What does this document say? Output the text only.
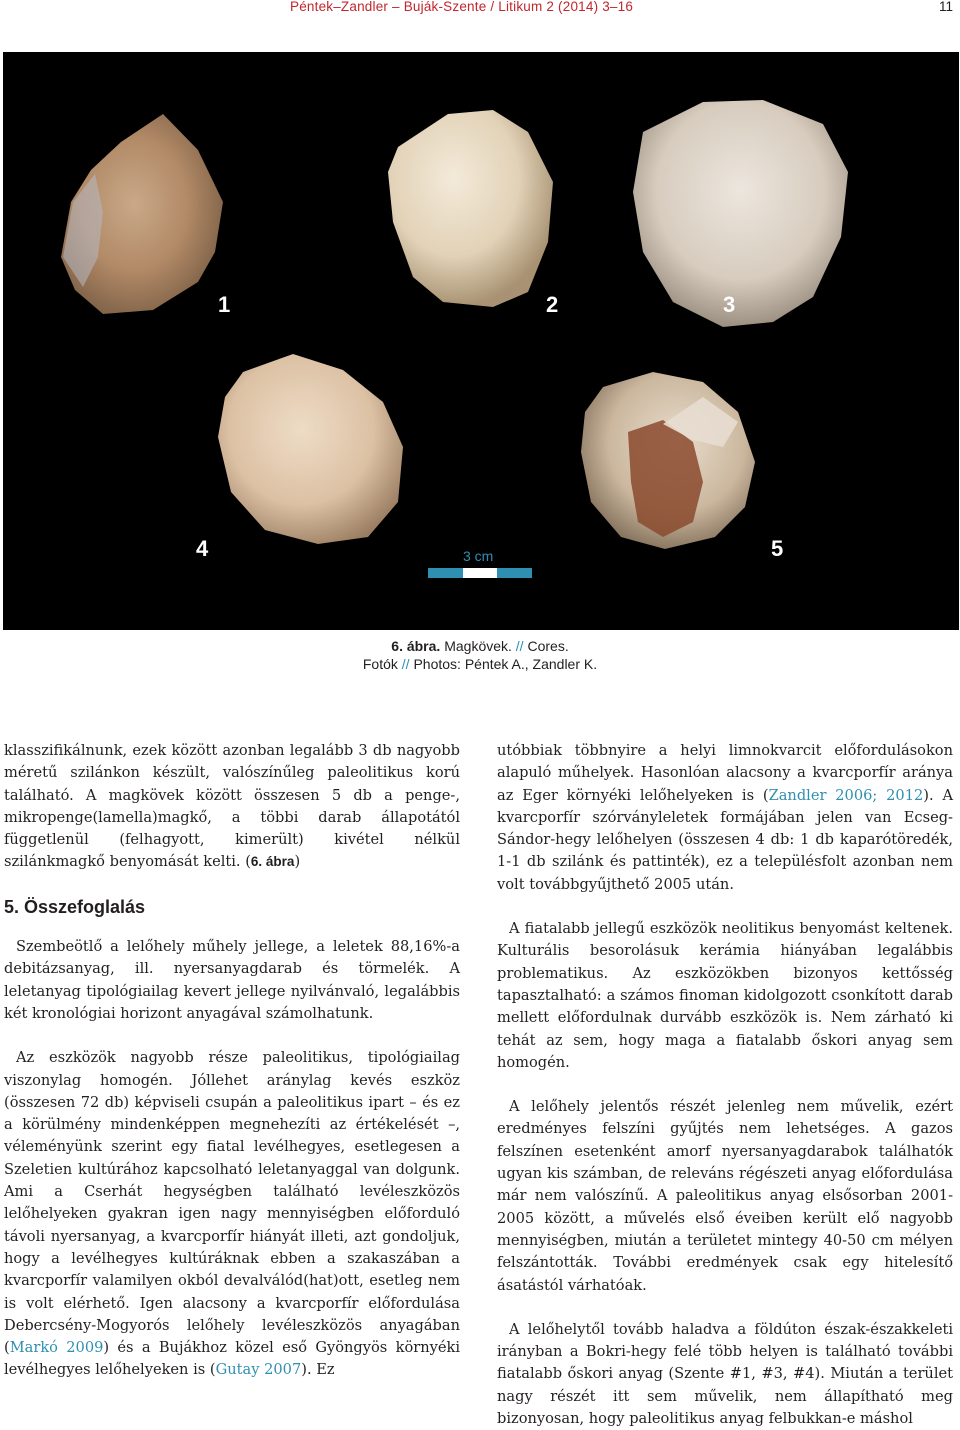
Péntek–Zandler – Buják-Szente / Litikum 2 (2014) 3–16	11
1	2	3
4	5
3 cm
6. ábra. Magkövek. // Cores.
Fotók // Photos: Péntek A., Zandler K.

klasszifikálnunk, ezek között azonban legalább 3 db nagyobb méretű szilánkon készült, valószínűleg paleolitikus korú található. A magkövek között összesen 5 db a penge-, mikropenge(lamella)magkő, a többi darab állapotától függetlenül (felhagyott, kimerült) kivétel nélkül szilánkmagkő benyomását kelti. (6. ábra)

5. Összefoglalás

Szembeötlő a lelőhely műhely jellege, a leletek 88,16%-a debitázsanyag, ill. nyersanyagdarab és törmelék. A leletanyag tipológiailag kevert jellege nyilvánvaló, legalábbis két kronológiai horizont anyagával számolhatunk.

Az eszközök nagyobb része paleolitikus, tipológiailag viszonylag homogén. Jóllehet aránylag kevés eszköz (összesen 72 db) képviseli csupán a paleolitikus ipart – és ez a körülmény mindenképpen megnehezíti az értékelését –, véleményünk szerint egy fiatal levélhegyes, esetlegesen a Szeletien kultúrához kapcsolható leletanyaggal van dolgunk. Ami a Cserhát hegységben található levéleszközös lelőhelyeken gyakran igen nagy mennyiségben előforduló távoli nyersanyag, a kvarcporfír hiányát illeti, azt gondoljuk, hogy a levélhegyes kultúráknak ebben a szakaszában a kvarcporfír valamilyen okból devalválód(hat)ott, esetleg nem is volt elérhető. Igen alacsony a kvarcporfír előfordulása Debercsény-Mogyorós lelőhely levéleszközös anyagában (Markó 2009) és a Bujákhoz közel eső Gyöngyös környéki levélhegyes lelőhelyeken is (Gutay 2007). Ez

utóbbiak többnyire a helyi limnokvarcit előfordulásokon alapuló műhelyek. Hasonlóan alacsony a kvarcporfír aránya az Eger környéki lelőhelyeken is (Zandler 2006; 2012). A kvarcporfír szórványleletek formájában jelen van Ecseg-Sándor-hegy lelőhelyen (összesen 4 db: 1 db kaparótöredék, 1-1 db szilánk és pattinték), ez a településfolt azonban nem volt továbbgyűjthető 2005 után.

A fiatalabb jellegű eszközök neolitikus benyomást keltenek. Kulturális besorolásuk kerámia hiányában legalábbis problematikus. Az eszközökben bizonyos kettősség tapasztalható: a számos finoman kidolgozott csonkított darab mellett előfordulnak durvább eszközök is. Nem zárható ki tehát az sem, hogy maga a fiatalabb őskori anyag sem homogén.

A lelőhely jelentős részét jelenleg nem művelik, ezért eredményes felszíni gyűjtés nem lehetséges. A gazos felszínen esetenként amorf nyersanyagdarabok találhatók ugyan kis számban, de releváns régészeti anyag előfordulása már nem valószínű. A paleolitikus anyag elsősorban 2001-2005 között, a művelés első éveiben került elő nagyobb mennyiségben, miután a területet mintegy 40-50 cm mélyen felszántották. További eredmények csak egy hitelesítő ásatástól várhatóak.

A lelőhelytől tovább haladva a földúton észak-északkeleti irányban a Bokri-hegy felé több helyen is található további fiatalabb őskori anyag (Szente #1, #3, #4). Miután a terület nagy részét itt sem művelik, nem állapítható meg bizonyosan, hogy paleolitikus anyag felbukkan-e máshol
